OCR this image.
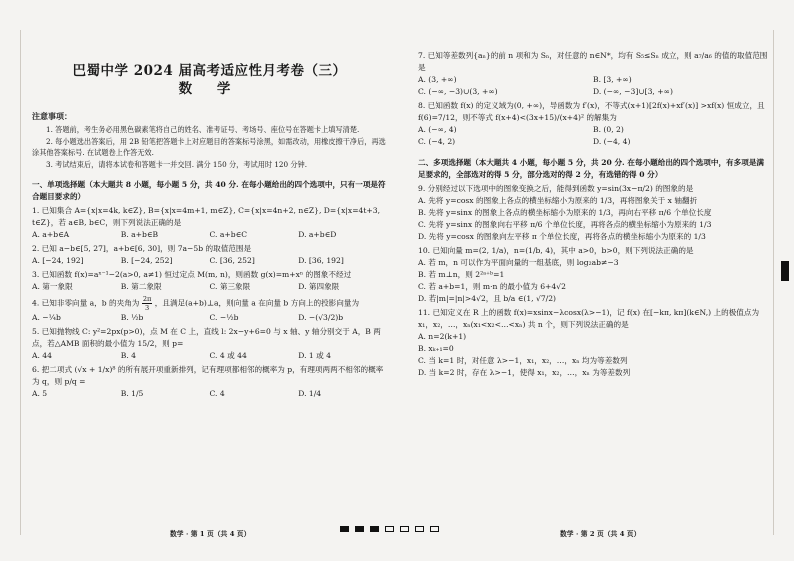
巴蜀中学 2024 届高考适应性月考卷（三）
数 学
注意事项：

1. 答题前，考生务必用黑色碳素笔将自己的姓名、准考证号、考场号、座位号在答题卡上填写清楚.

2. 每小题选出答案后，用 2B 铅笔把答题卡上对应题目的答案标号涂黑，如需改动，用橡皮擦干净后，再选涂其他答案标号. 在试题卷上作答无效.

3. 考试结束后，请将本试卷和答题卡一并交回. 满分 150 分，考试用时 120 分钟.

一、单项选择题（本大题共 8 小题，每小题 5 分，共 40 分. 在每小题给出的四个选项中，只有一项是符合题目要求的）
1. 已知集合 A={x|x=4k, k∈Z}, B={x|x=4m+1, m∈Z}, C={x|x=4n+2, n∈Z}, D={x|x=4t+3, t∈Z}，若 a∈B, b∈C，则下列说法正确的是
A. a+b∈A	B. a+b∈B	C. a+b∈C	D. a+b∈D
2. 已知 a−b∈[5, 27]，a+b∈[6, 30]，则 7a−5b 的取值范围是
A. [−24, 192]	B. [−24, 252]	C. [36, 252]	D. [36, 192]
3. 已知函数 f(x)=aˣ⁻¹−2(a>0, a≠1) 恒过定点 M(m, n)，则函数 g(x)=m+xⁿ 的图象不经过
A. 第一象限	B. 第二象限	C. 第三象限	D. 第四象限
4. 已知非零向量 a，b 的夹角为 $\frac{2\pi}{3}$ ，且满足(a+b)⊥a，则向量 a 在向量 b 方向上的投影向量为
A. −¼b	B. ½b	C. −½b	D. −(√3/2)b
5. 已知抛物线 C: y²=2px(p>0)，点 M 在 C 上，直线 l: 2x−y+6=0 与 x 轴、y 轴分别交于 A，B 两点，若△AMB 面积的最小值为 15/2，则 p=
A. 44	B. 4	C. 4 或 44	D. 1 或 4
6. 把二项式 (√x + 1/x)⁸ 的所有展开项重新排列，记有理项都相邻的概率为 p，有理项两两不相邻的概率为 q，则 p/q =
A. 5	B. 1/5	C. 4	D. 1/4
7. 已知等差数列{aₙ}的前 n 项和为 Sₙ，对任意的 n∈N*，均有 S₅≤Sₙ 成立，则 a₇/a₆ 的值的取值范围是
A. (3, +∞)	B. [3, +∞)
C. (−∞, −3)∪(3, +∞)	D. (−∞, −3]∪[3, +∞)
8. 已知函数 f(x) 的定义域为(0, +∞)，导函数为 f′(x)，不等式(x+1)[2f(x)+xf′(x)] >xf(x) 恒成立，且 f(6)=7/12，则不等式 f(x+4)<(3x+15)/(x+4)² 的解集为
A. (−∞, 4)	B. (0, 2)
C. (−4, 2)	D. (−4, 4)
二、多项选择题（本大题共 4 小题，每小题 5 分，共 20 分. 在每小题给出的四个选项中，有多项是满足要求的，全部选对的得 5 分，部分选对的得 2 分，有选错的得 0 分）
9. 分别经过以下选项中的图象变换之后，能得到函数 y=sin(3x−π/2) 的图象的是
A. 先将 y=cosx 的图象上各点的横坐标缩小为原来的 1/3，再将图象关于 x 轴翻折
B. 先将 y=sinx 的图象上各点的横坐标缩小为原来的 1/3，再向右平移 π/6 个单位长度
C. 先将 y=sinx 的图象向右平移 π/6 个单位长度，再将各点的横坐标缩小为原来的 1/3
D. 先将 y=cosx 的图象向左平移 π 个单位长度，再将各点的横坐标缩小为原来的 1/3
10. 已知向量 m=(2, 1/a)，n=(1/b, 4)，其中 a>0，b>0，则下列说法正确的是
A. 若 m，n 可以作为平面向量的一组基底，则 log₂ab≠−3
B. 若 m⊥n，则 2²ᵃ⁺ᵇ=1
C. 若 a+b=1，则 m·n 的最小值为 6+4√2
D. 若|m|=|n|>4√2，且 b/a ∈(1, √7/2)
11. 已知定义在 R 上的函数 f(x)=xsinx−λcosx(λ>−1)，记 f(x) 在[−kπ, kπ](k∈N,) 上的极值点为 x₁，x₂，…，xₙ(x₁<x₂<…<xₙ) 共 n 个，则下列说法正确的是
A. n=2(k+1)
B. xₖ₊₁=0
C. 当 k=1 时，对任意 λ>−1，x₁，x₂，…，xₙ 均为等差数列
D. 当 k=2 时，存在 λ>−1，使得 x₁，x₂，…，xₙ 为等差数列
数学 · 第 1 页（共 4 页）	数学 · 第 2 页（共 4 页）
